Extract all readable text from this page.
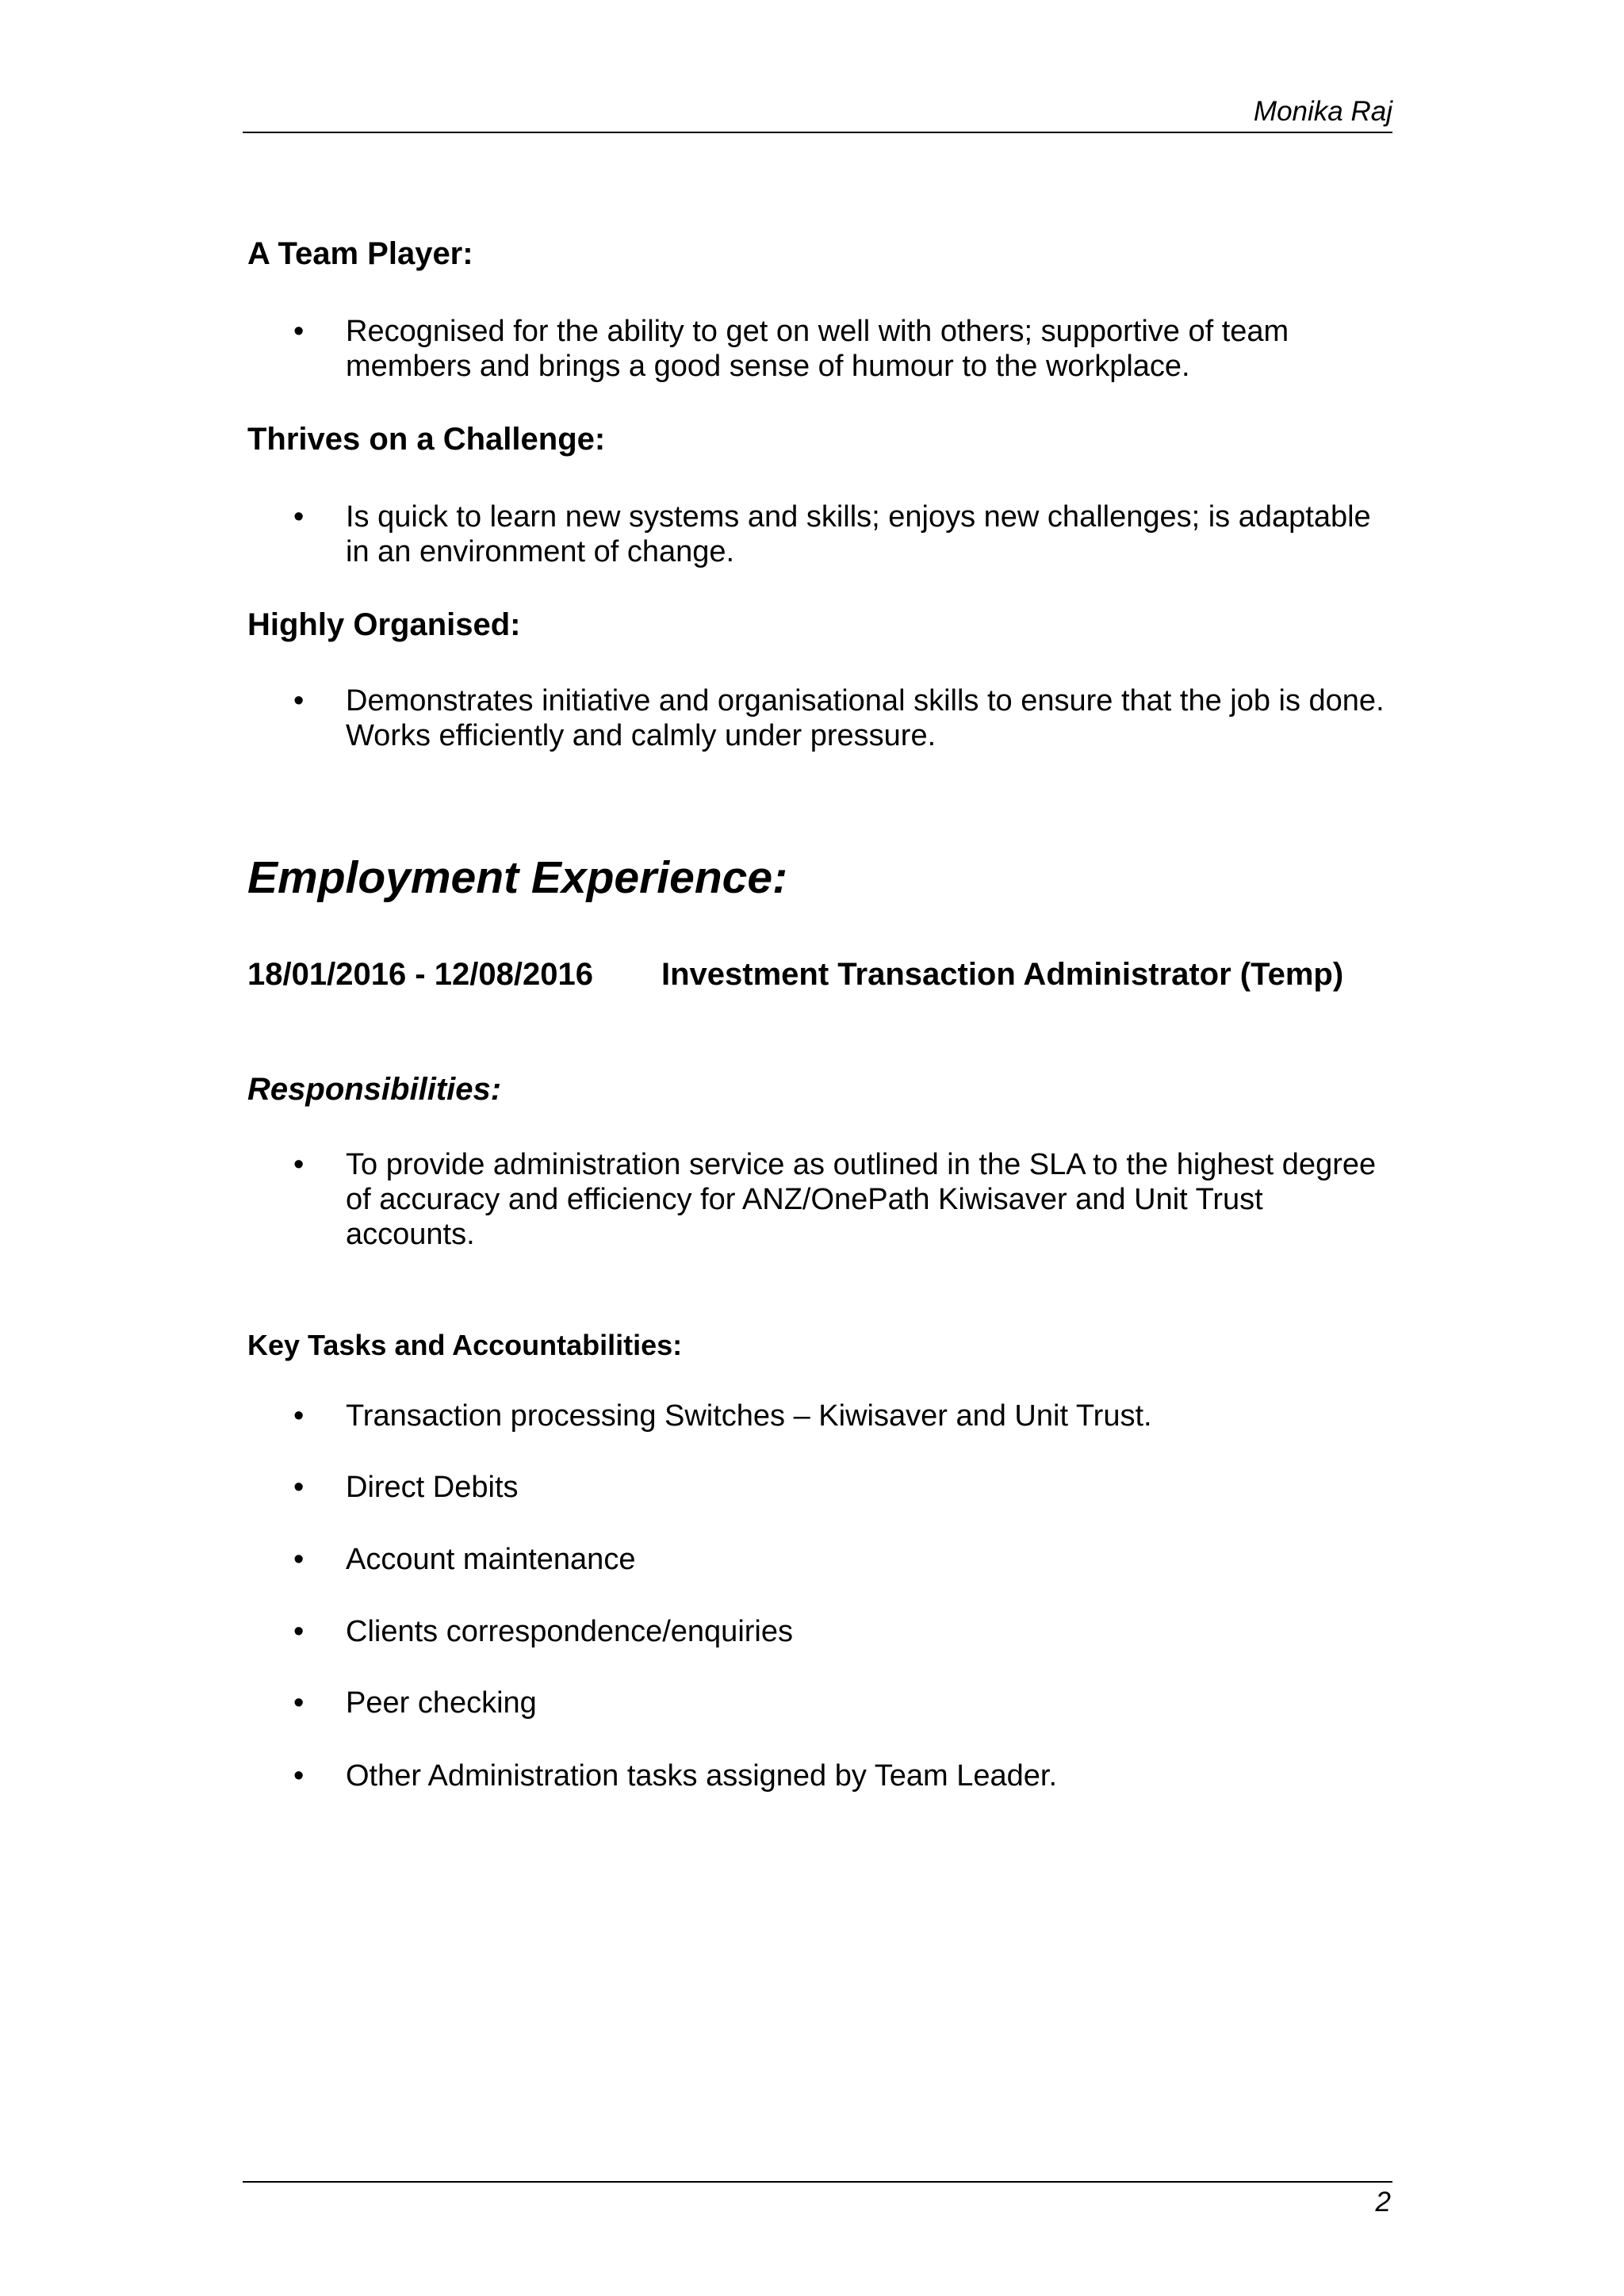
Monika Raj
A Team Player:
• Recognised for the ability to get on well with others; supportive of team
members and brings a good sense of humour to the workplace.
Thrives on a Challenge:
• Is quick to learn new systems and skills; enjoys new challenges; is adaptable
in an environment of change.
Highly Organised:
• Demonstrates initiative and organisational skills to ensure that the job is done.
Works efficiently and calmly under pressure.
Employment Experience:
18/01/2016 - 12/08/2016 Investment Transaction Administrator (Temp)
Responsibilities:
• To provide administration service as outlined in the SLA to the highest degree
of accuracy and efficiency for ANZ/OnePath Kiwisaver and Unit Trust
accounts.
Key Tasks and Accountabilities:
• Transaction processing Switches – Kiwisaver and Unit Trust.
• Direct Debits
• Account maintenance
• Clients correspondence/enquiries
• Peer checking
• Other Administration tasks assigned by Team Leader.
2
